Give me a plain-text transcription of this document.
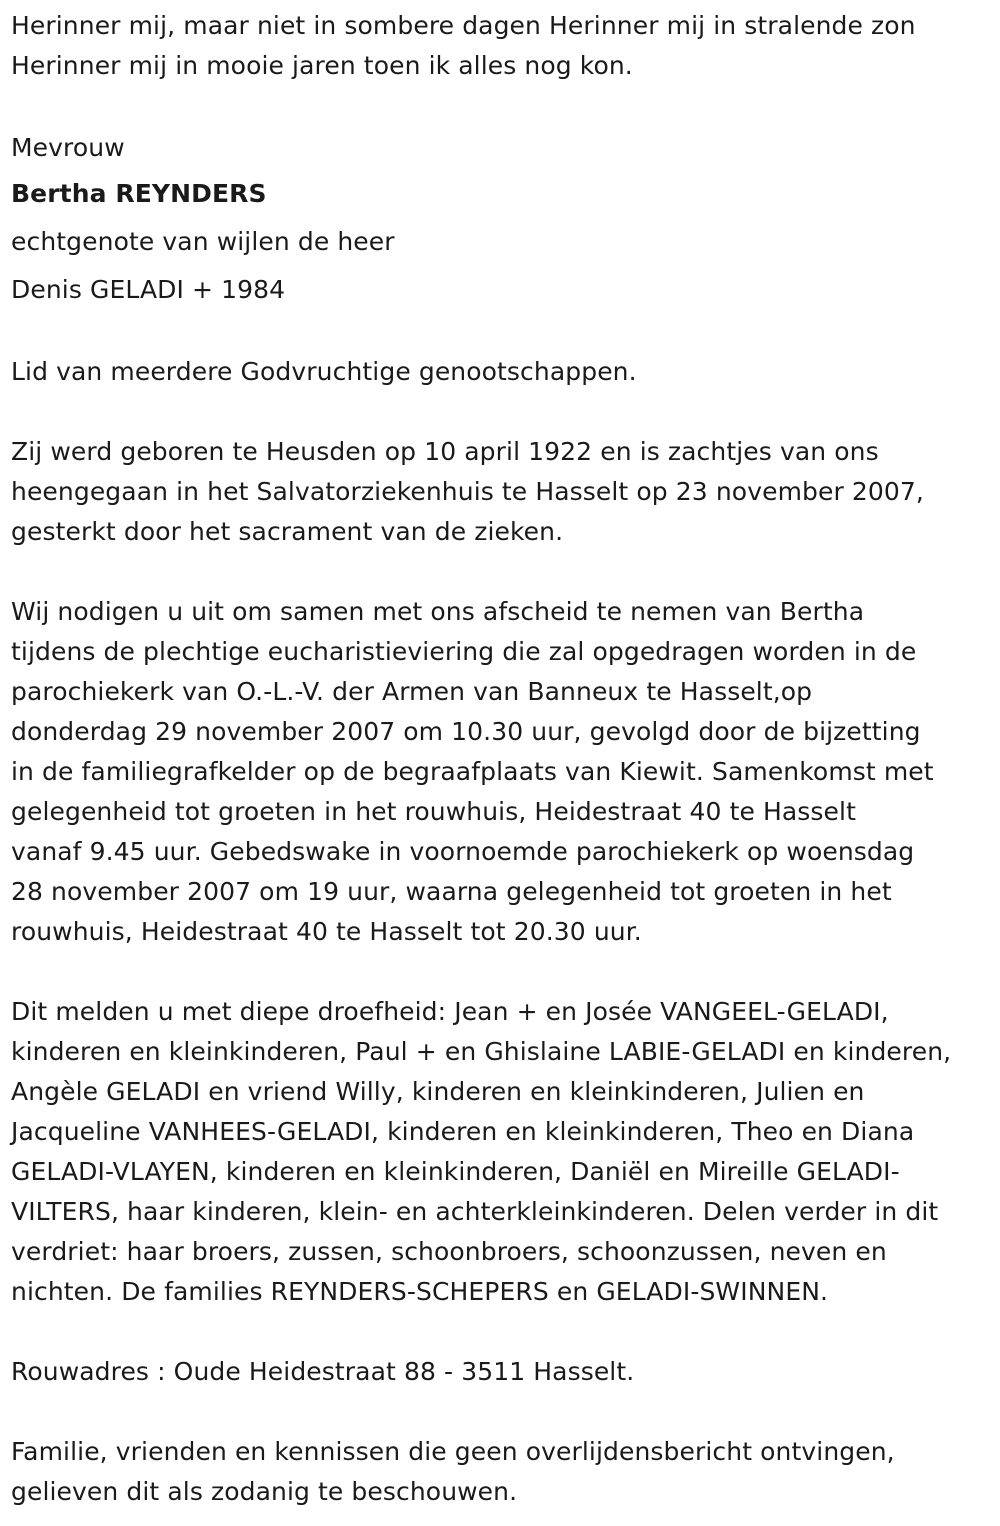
Herinner mij, maar niet in sombere dagen Herinner mij in stralende zon
Herinner mij in mooie jaren toen ik alles nog kon.
Mevrouw
Bertha REYNDERS
echtgenote van wijlen de heer
Denis GELADI + 1984
Lid van meerdere Godvruchtige genootschappen.
Zij werd geboren te Heusden op 10 april 1922 en is zachtjes van ons
heengegaan in het Salvatorziekenhuis te Hasselt op 23 november 2007,
gesterkt door het sacrament van de zieken.
Wij nodigen u uit om samen met ons afscheid te nemen van Bertha
tijdens de plechtige eucharistieviering die zal opgedragen worden in de
parochiekerk van O.-L.-V. der Armen van Banneux te Hasselt,op
donderdag 29 november 2007 om 10.30 uur, gevolgd door de bijzetting
in de familiegrafkelder op de begraafplaats van Kiewit. Samenkomst met
gelegenheid tot groeten in het rouwhuis, Heidestraat 40 te Hasselt
vanaf 9.45 uur. Gebedswake in voornoemde parochiekerk op woensdag
28 november 2007 om 19 uur, waarna gelegenheid tot groeten in het
rouwhuis, Heidestraat 40 te Hasselt tot 20.30 uur.
Dit melden u met diepe droefheid: Jean + en Josée VANGEEL-GELADI,
kinderen en kleinkinderen, Paul + en Ghislaine LABIE-GELADI en kinderen,
Angèle GELADI en vriend Willy, kinderen en kleinkinderen, Julien en
Jacqueline VANHEES-GELADI, kinderen en kleinkinderen, Theo en Diana
GELADI-VLAYEN, kinderen en kleinkinderen, Daniël en Mireille GELADI-
VILTERS, haar kinderen, klein- en achterkleinkinderen. Delen verder in dit
verdriet: haar broers, zussen, schoonbroers, schoonzussen, neven en
nichten. De families REYNDERS-SCHEPERS en GELADI-SWINNEN.
Rouwadres : Oude Heidestraat 88 - 3511 Hasselt.
Familie, vrienden en kennissen die geen overlijdensbericht ontvingen,
gelieven dit als zodanig te beschouwen.
